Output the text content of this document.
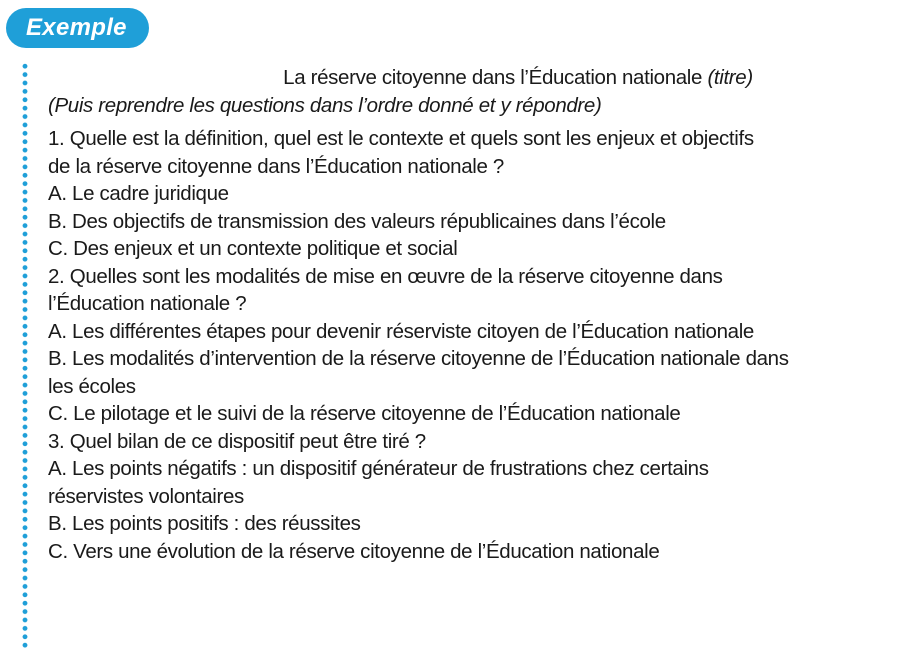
Exemple
La réserve citoyenne dans l’Éducation nationale (titre)
(Puis reprendre les questions dans l’ordre donné et y répondre)
1. Quelle est la définition, quel est le contexte et quels sont les enjeux et objectifs
de la réserve citoyenne dans l’Éducation nationale ?
A. Le cadre juridique
B. Des objectifs de transmission des valeurs républicaines dans l’école
C. Des enjeux et un contexte politique et social
2. Quelles sont les modalités de mise en œuvre de la réserve citoyenne dans
l’Éducation nationale ?
A. Les différentes étapes pour devenir réserviste citoyen de l’Éducation nationale
B. Les modalités d’intervention de la réserve citoyenne de l’Éducation nationale dans
les écoles
C. Le pilotage et le suivi de la réserve citoyenne de l’Éducation nationale
3. Quel bilan de ce dispositif peut être tiré ?
A. Les points négatifs : un dispositif générateur de frustrations chez certains
réservistes volontaires
B. Les points positifs : des réussites
C. Vers une évolution de la réserve citoyenne de l’Éducation nationale
